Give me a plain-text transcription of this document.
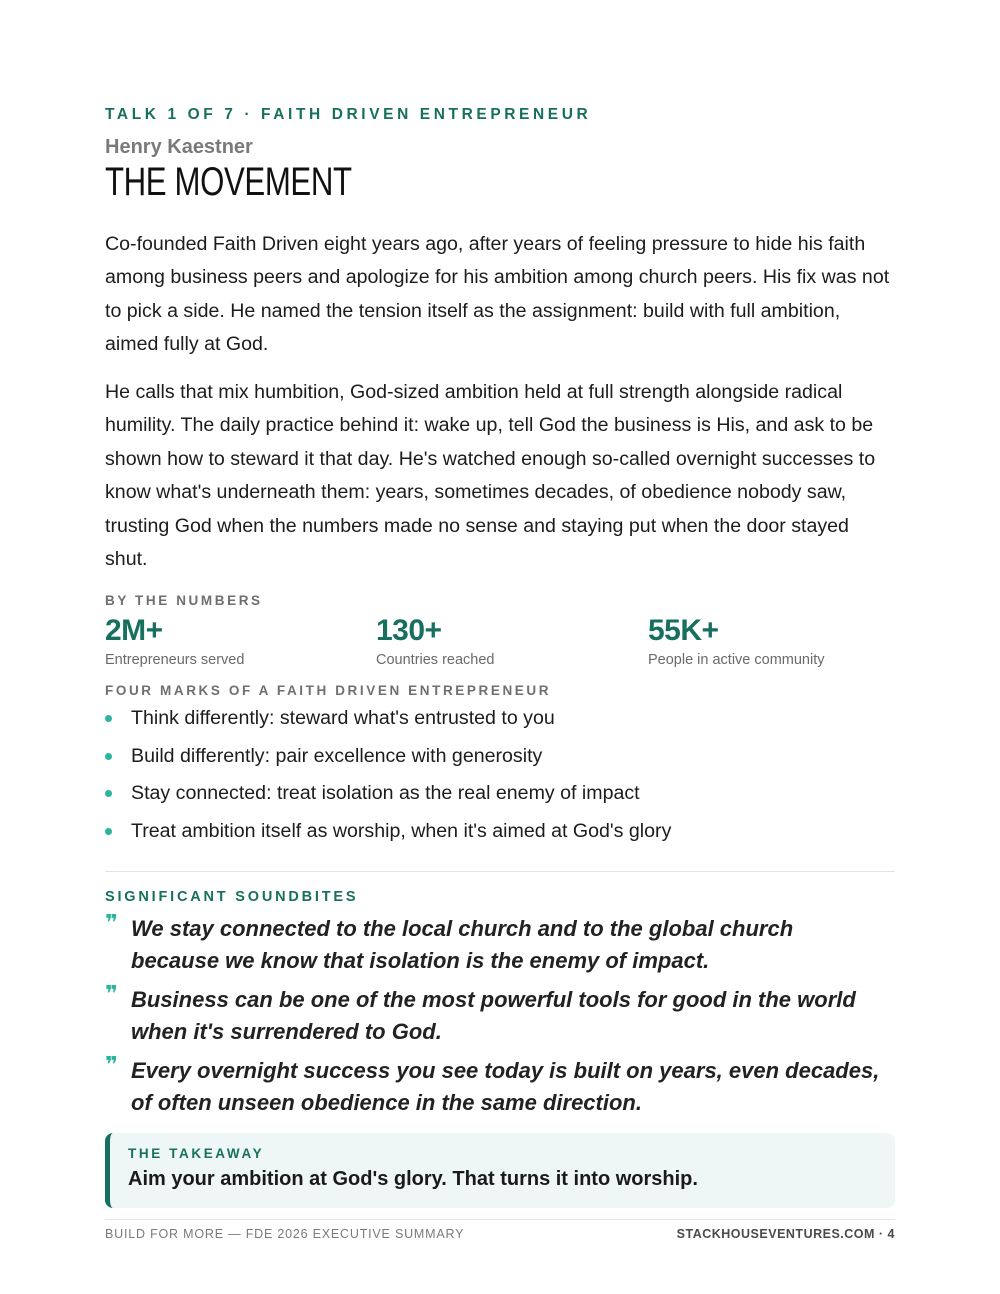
TALK 1 OF 7 · FAITH DRIVEN ENTREPRENEUR
Henry Kaestner
THE MOVEMENT

Co-founded Faith Driven eight years ago, after years of feeling pressure to hide his faith among business peers and apologize for his ambition among church peers. His fix was not to pick a side. He named the tension itself as the assignment: build with full ambition, aimed fully at God.

He calls that mix humbition, God-sized ambition held at full strength alongside radical humility. The daily practice behind it: wake up, tell God the business is His, and ask to be shown how to steward it that day. He's watched enough so-called overnight successes to know what's underneath them: years, sometimes decades, of obedience nobody saw, trusting God when the numbers made no sense and staying put when the door stayed shut.

BY THE NUMBERS
2M+
Entrepreneurs served
130+
Countries reached
55K+
People in active community
FOUR MARKS OF A FAITH DRIVEN ENTREPRENEUR
Think differently: steward what's entrusted to you
Build differently: pair excellence with generosity
Stay connected: treat isolation as the real enemy of impact
Treat ambition itself as worship, when it's aimed at God's glory
SIGNIFICANT SOUNDBITES
❞ We stay connected to the local church and to the global church
because we know that isolation is the enemy of impact.
❞ Business can be one of the most powerful tools for good in the world
when it's surrendered to God.
❞ Every overnight success you see today is built on years, even decades,
of often unseen obedience in the same direction.
THE TAKEAWAY
Aim your ambition at God's glory. That turns it into worship.
BUILD FOR MORE — FDE 2026 EXECUTIVE SUMMARY	STACKHOUSEVENTURES.COM · 4
